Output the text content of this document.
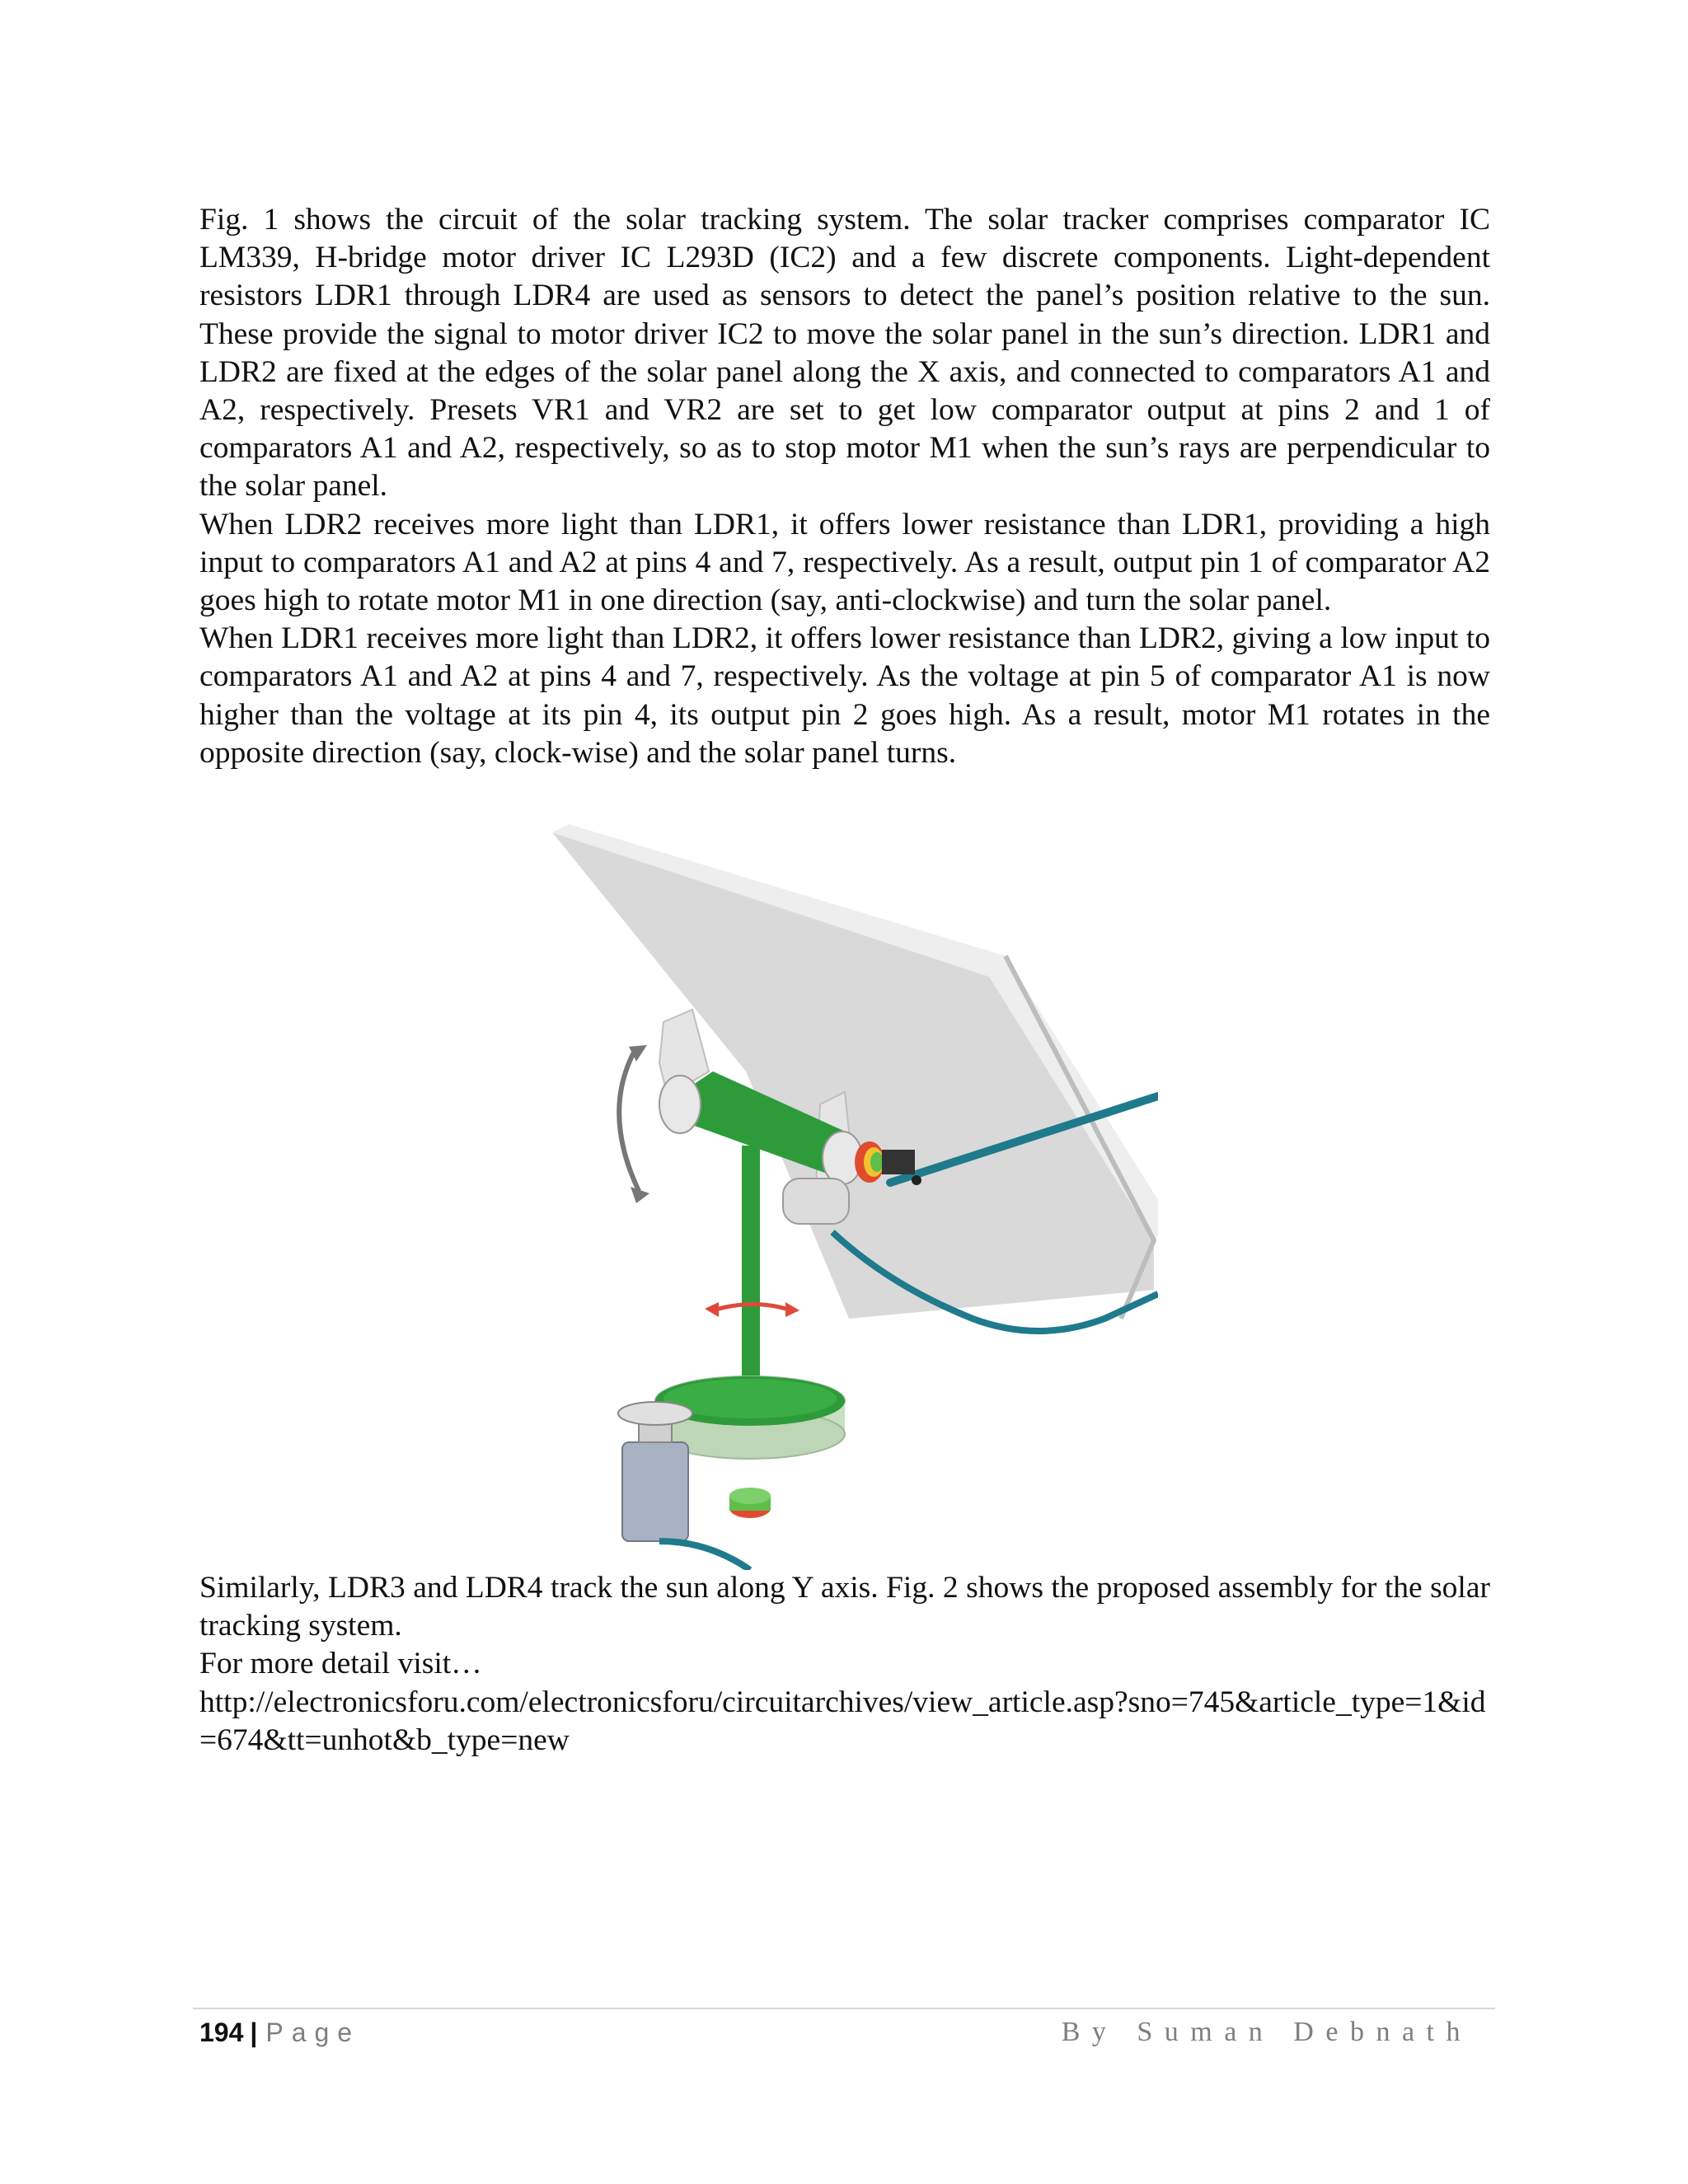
Fig. 1 shows the circuit of the solar tracking system. The solar tracker comprises comparator IC LM339, H-bridge motor driver IC L293D (IC2) and a few discrete components. Light-dependent resistors LDR1 through LDR4 are used as sensors to detect the panel’s position relative to the sun. These provide the signal to motor driver IC2 to move the solar panel in the sun’s direction. LDR1 and LDR2 are fixed at the edges of the solar panel along the X axis, and connected to comparators A1 and A2, respectively. Presets VR1 and VR2 are set to get low comparator output at pins 2 and 1 of comparators A1 and A2, respectively, so as to stop motor M1 when the sun’s rays are perpendicular to the solar panel.

When LDR2 receives more light than LDR1, it offers lower resistance than LDR1, providing a high input to comparators A1 and A2 at pins 4 and 7, respectively. As a result, output pin 1 of comparator A2 goes high to rotate motor M1 in one direction (say, anti-clockwise) and turn the solar panel.

When LDR1 receives more light than LDR2, it offers lower resistance than LDR2, giving a low input to comparators A1 and A2 at pins 4 and 7, respectively. As the voltage at pin 5 of comparator A1 is now higher than the voltage at its pin 4, its output pin 2 goes high. As a result, motor M1 rotates in the opposite direction (say, clock-wise) and the solar panel turns.

Similarly, LDR3 and LDR4 track the sun along Y axis. Fig. 2 shows the proposed assembly for the solar tracking system.

For more detail visit…

http://electronicsforu.com/electronicsforu/circuitarchives/view_article.asp?sno=745&article_type=1&id=674&tt=unhot&b_type=new

194 | Page	By Suman Debnath
